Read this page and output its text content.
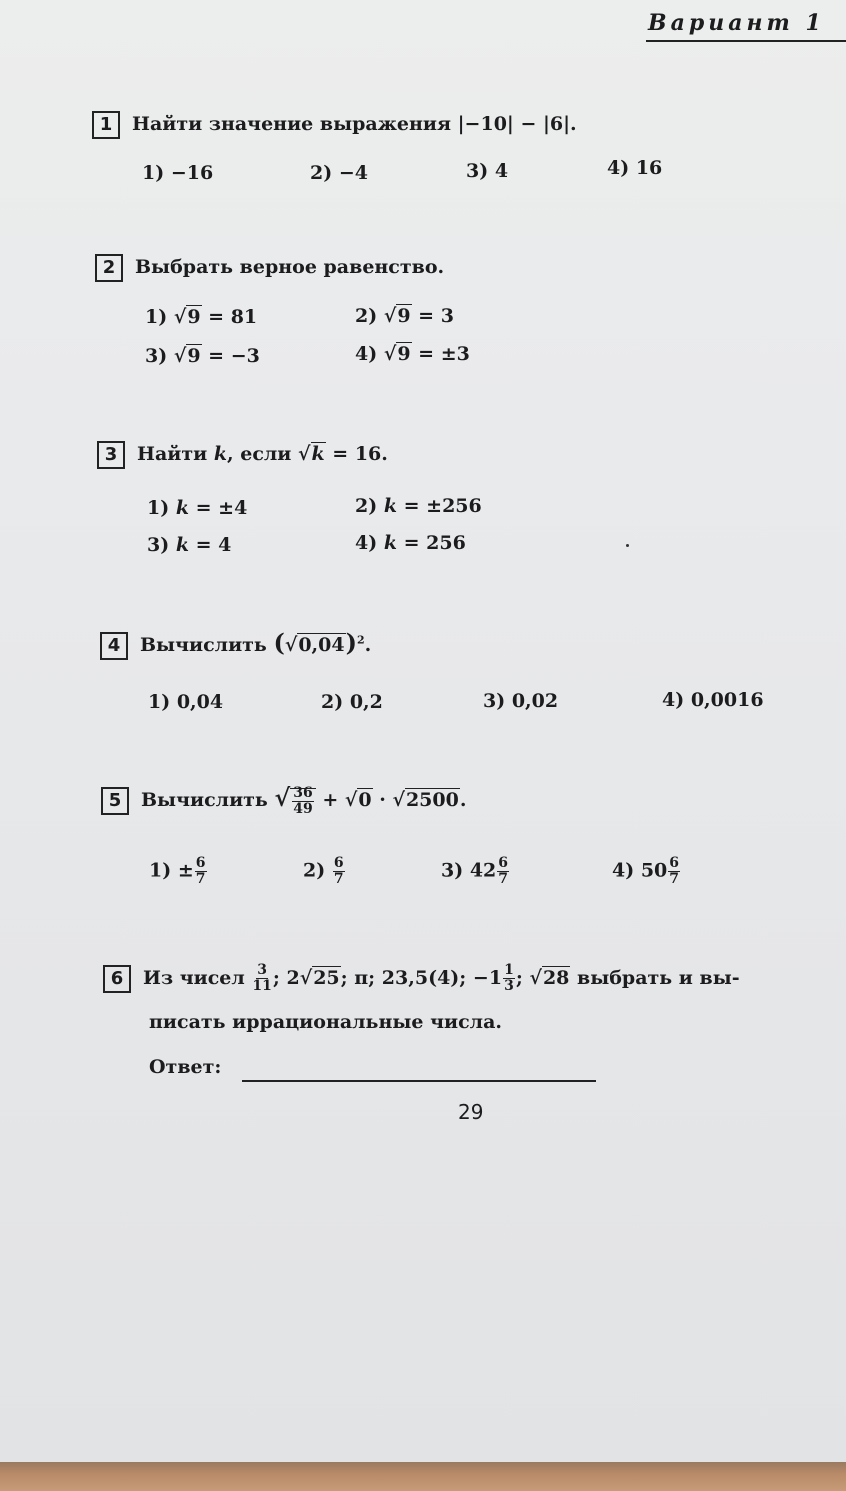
Вариант 1
1 Найти значение выражения |−10| − |6|.
1) −16	2) −4	3) 4	4) 16
2 Выбрать верное равенство.
1) √9 = 81	2) √9 = 3
3) √9 = −3	4) √9 = ±3
3 Найти k, если √k = 16.
1) k = ±4	2) k = ±256
3) k = 4	4) k = 256
4 Вычислить $(√0,04)^2$.
1) 0,04	2) 0,2	3) 0,02	4) 0,0016
5 Вычислить √ $\frac{36}{49} + √0 \cdot √2500$.
$1) \pm \frac{6}{7}$	$2) \frac{6}{7}$	3) $42 \frac{6}{7}$	4) $50 \frac{6}{7}$
6 Из чисел $\frac{3}{11}$ ; 2√25; π; 23,5(4); $-1 \frac{1}{3}$ ; √28 выбрать и вы-
писать иррациональные числа.
Ответ:
29
